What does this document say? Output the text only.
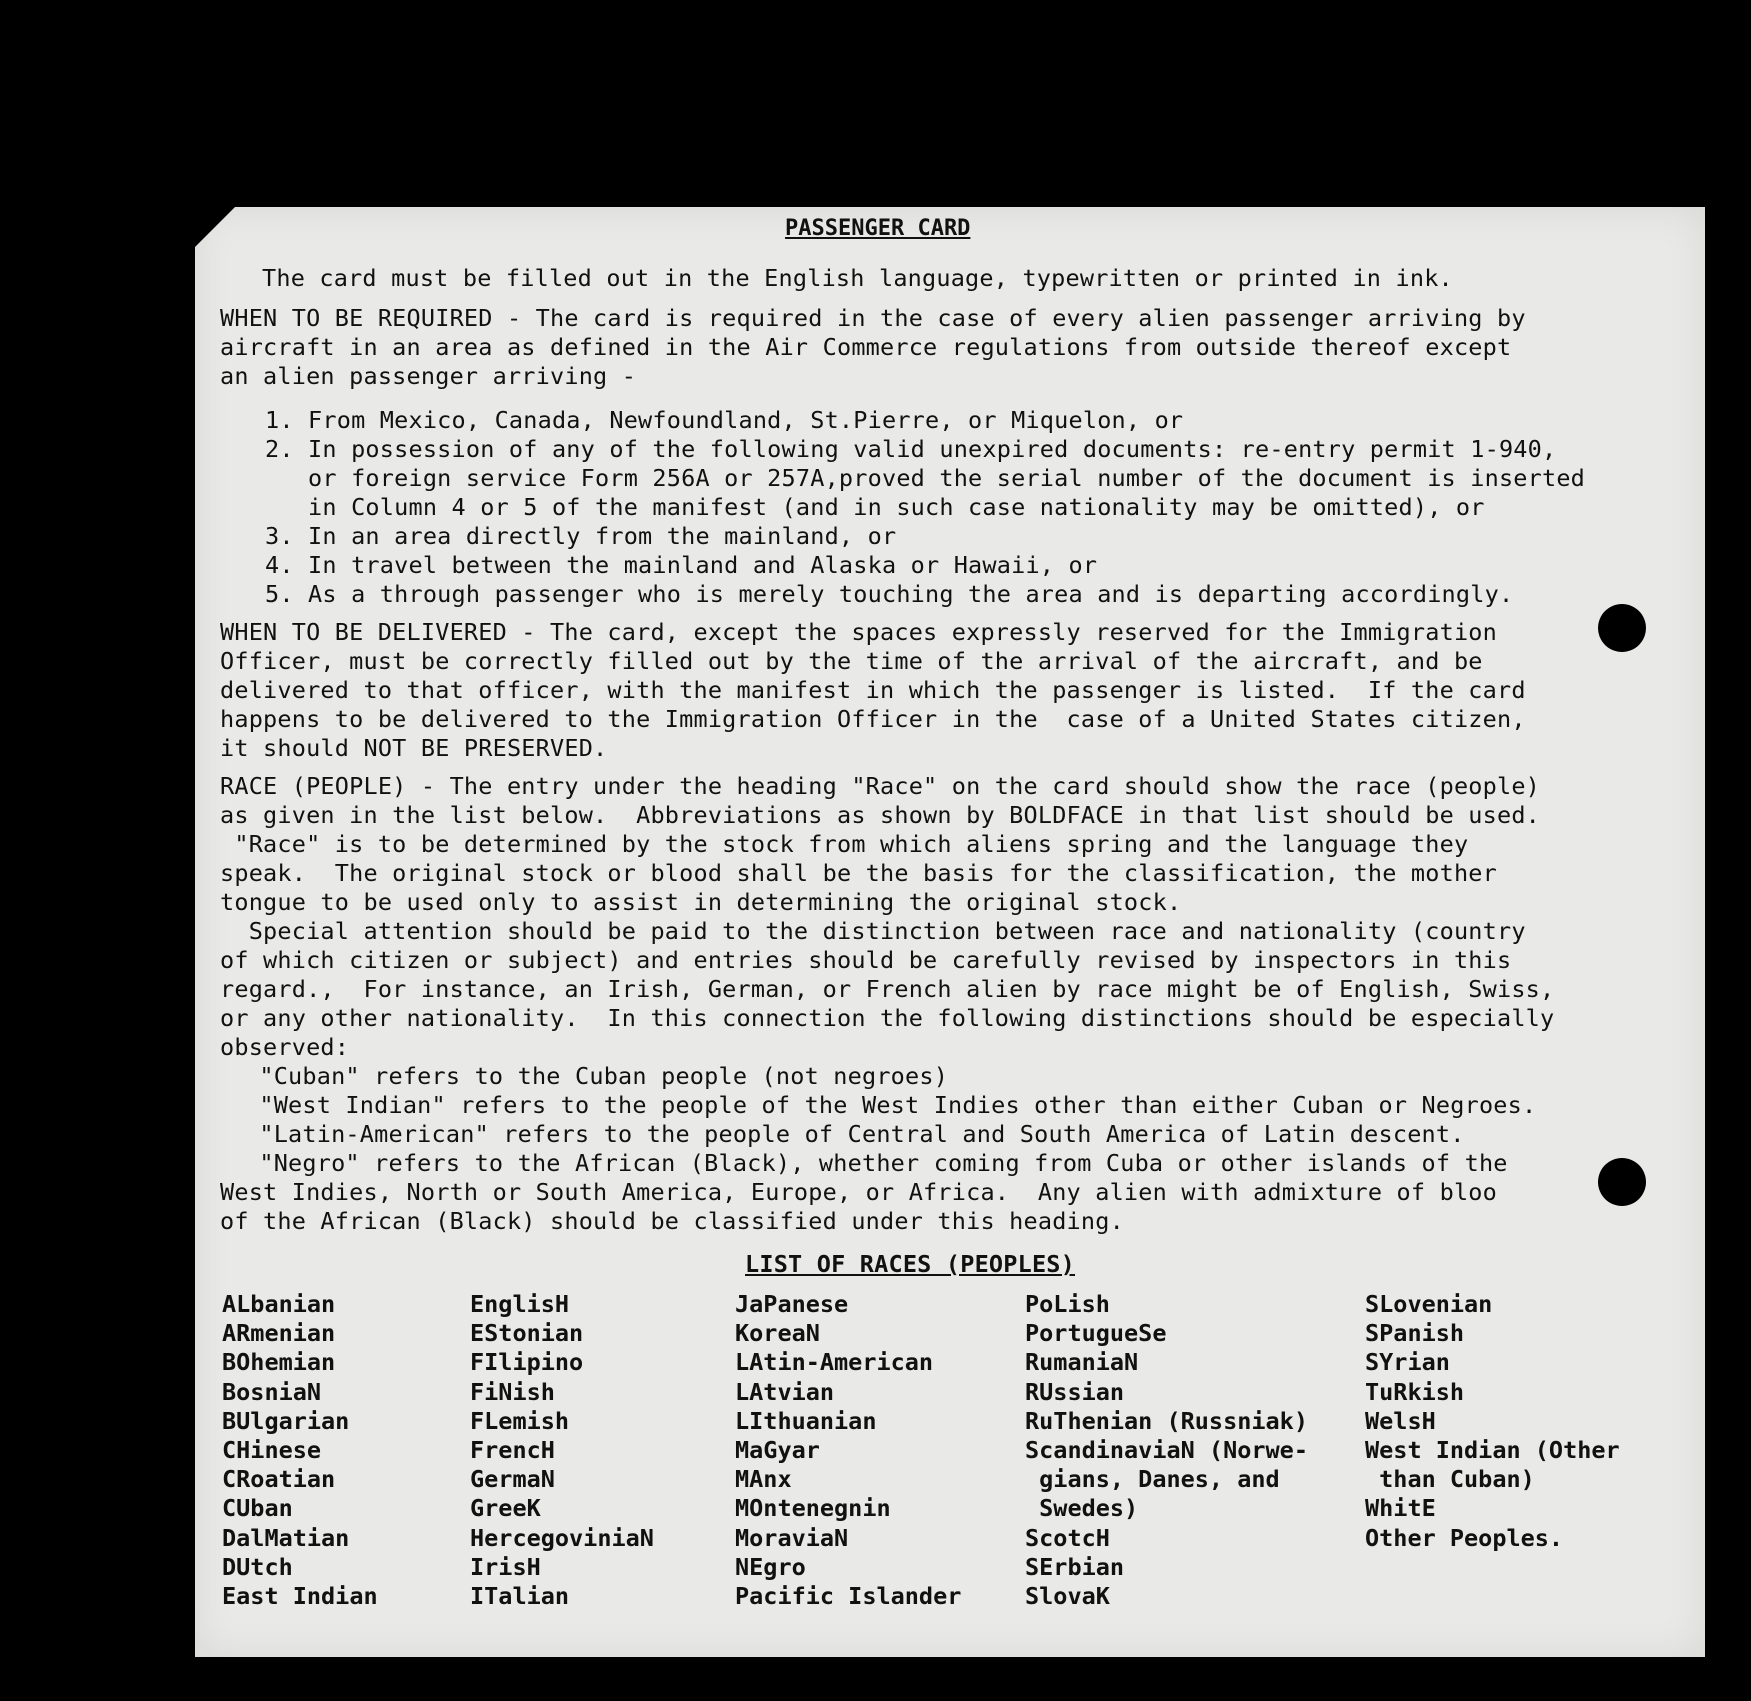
PASSENGER CARD
The card must be filled out in the English language, typewritten or printed in ink.
WHEN TO BE REQUIRED - The card is required in the case of every alien passenger arriving by
aircraft in an area as defined in the Air Commerce regulations from outside thereof except
an alien passenger arriving -
1. From Mexico, Canada, Newfoundland, St.Pierre, or Miquelon, or
2. In possession of any of the following valid unexpired documents: re-entry permit 1-940,
or foreign service Form 256A or 257A,proved the serial number of the document is inserted
in Column 4 or 5 of the manifest (and in such case nationality may be omitted), or
3. In an area directly from the mainland, or
4. In travel between the mainland and Alaska or Hawaii, or
5. As a through passenger who is merely touching the area and is departing accordingly.
WHEN TO BE DELIVERED - The card, except the spaces expressly reserved for the Immigration
Officer, must be correctly filled out by the time of the arrival of the aircraft, and be
delivered to that officer, with the manifest in which the passenger is listed.  If the card
happens to be delivered to the Immigration Officer in the  case of a United States citizen,
it should NOT BE PRESERVED.
RACE (PEOPLE) - The entry under the heading "Race" on the card should show the race (people)
as given in the list below.  Abbreviations as shown by BOLDFACE in that list should be used.
"Race" is to be determined by the stock from which aliens spring and the language they
speak.  The original stock or blood shall be the basis for the classification, the mother
tongue to be used only to assist in determining the original stock.
Special attention should be paid to the distinction between race and nationality (country
of which citizen or subject) and entries should be carefully revised by inspectors in this
regard.,  For instance, an Irish, German, or French alien by race might be of English, Swiss,
or any other nationality.  In this connection the following distinctions should be especially
observed:
"Cuban" refers to the Cuban people (not negroes)
"West Indian" refers to the people of the West Indies other than either Cuban or Negroes.
"Latin-American" refers to the people of Central and South America of Latin descent.
"Negro" refers to the African (Black), whether coming from Cuba or other islands of the
West Indies, North or South America, Europe, or Africa.  Any alien with admixture of bloo
of the African (Black) should be classified under this heading.
LIST OF RACES (PEOPLES)
ALbanian
ARmenian
BOhemian
BosniaN
BUlgarian
CHinese
CRoatian
CUban
DalMatian
DUtch
East Indian
EnglisH
EStonian
FIlipino
FiNish
FLemish
FrencH
GermaN
GreeK
HercegoviniaN
IrisH
ITalian
JaPanese
KoreaN
LAtin-American
LAtvian
LIthuanian
MaGyar
MAnx
MOntenegnin
MoraviaN
NEgro
Pacific Islander
PoLish
PortugueSe
RumaniaN
RUssian
RuThenian (Russniak)
ScandinaviaN (Norwe-
gians, Danes, and
Swedes)
ScotcH
SErbian
SlovaK
SLovenian
SPanish
SYrian
TuRkish
WelsH
West Indian (Other
than Cuban)
WhitE
Other Peoples.
